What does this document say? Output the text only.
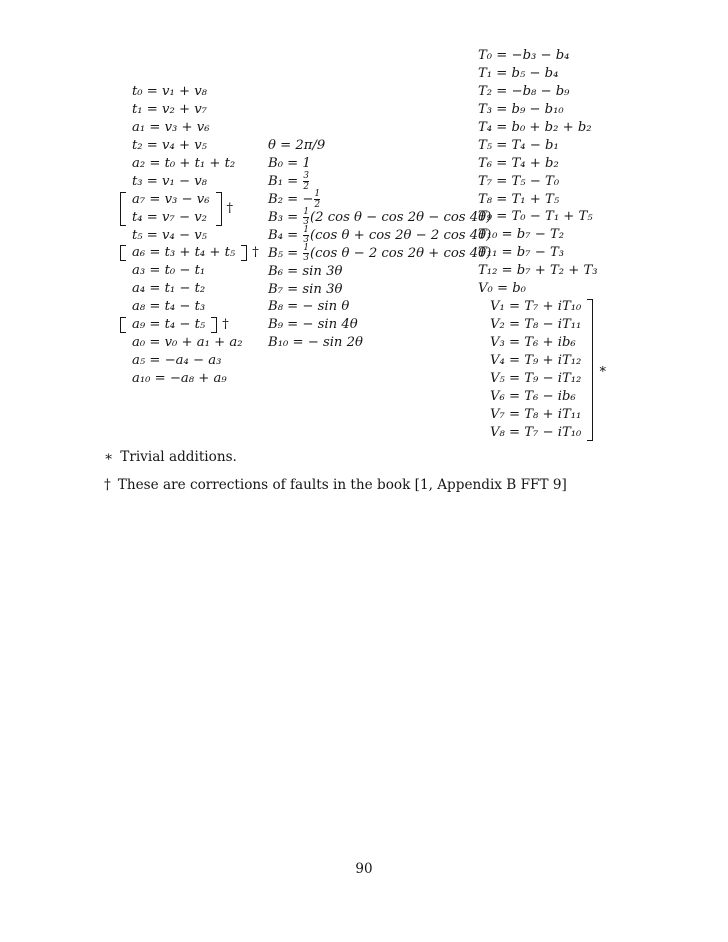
t₀ = v₁ + v₈
t₁ = v₂ + v₇
a₁ = v₃ + v₆
t₂ = v₄ + v₅
a₂ = t₀ + t₁ + t₂
t₃ = v₁ − v₈
a₇ = v₃ − v₆
t₄ = v₇ − v₂
†
t₅ = v₄ − v₅
a₆ = t₃ + t₄ + t₅ †
a₃ = t₀ − t₁
a₄ = t₁ − t₂
a₈ = t₄ − t₃
a₉ = t₄ − t₅ †
a₀ = v₀ + a₁ + a₂
a₅ = −a₄ − a₃
a₁₀ = −a₈ + a₉
θ = 2π/9
B₀ = 1
$B_1 = \frac{3}{2}$
B₂ = − $\frac{1}{2}$
$B_3 = \frac{1}{3} (2$ cos θ − cos 2θ − cos 4θ)
$B_4 = \frac{1}{3} (\cos$ θ + cos 2θ − 2 cos 4θ)
$B_5 = \frac{1}{3} (\cos$ θ − 2 cos 2θ + cos 4θ)
B₆ = sin 3θ
B₇ = sin 3θ
B₈ = − sin θ
B₉ = − sin 4θ
B₁₀ = − sin 2θ
T₀ = −b₃ − b₄
T₁ = b₅ − b₄
T₂ = −b₈ − b₉
T₃ = b₉ − b₁₀
T₄ = b₀ + b₂ + b₂
T₅ = T₄ − b₁
T₆ = T₄ + b₂
T₇ = T₅ − T₀
T₈ = T₁ + T₅
T₉ = T₀ − T₁ + T₅
T₁₀ = b₇ − T₂
T₁₁ = b₇ − T₃
T₁₂ = b₇ + T₂ + T₃
V₀ = b₀
V₁ = T₇ + iT₁₀
V₂ = T₈ − iT₁₁
V₃ = T₆ + ib₆
V₄ = T₉ + iT₁₂
V₅ = T₉ − iT₁₂
V₆ = T₆ − ib₆
V₇ = T₈ + iT₁₁
V₈ = T₇ − iT₁₀
∗
∗ Trivial additions.
† These are corrections of faults in the book [1, Appendix B FFT 9]
90
